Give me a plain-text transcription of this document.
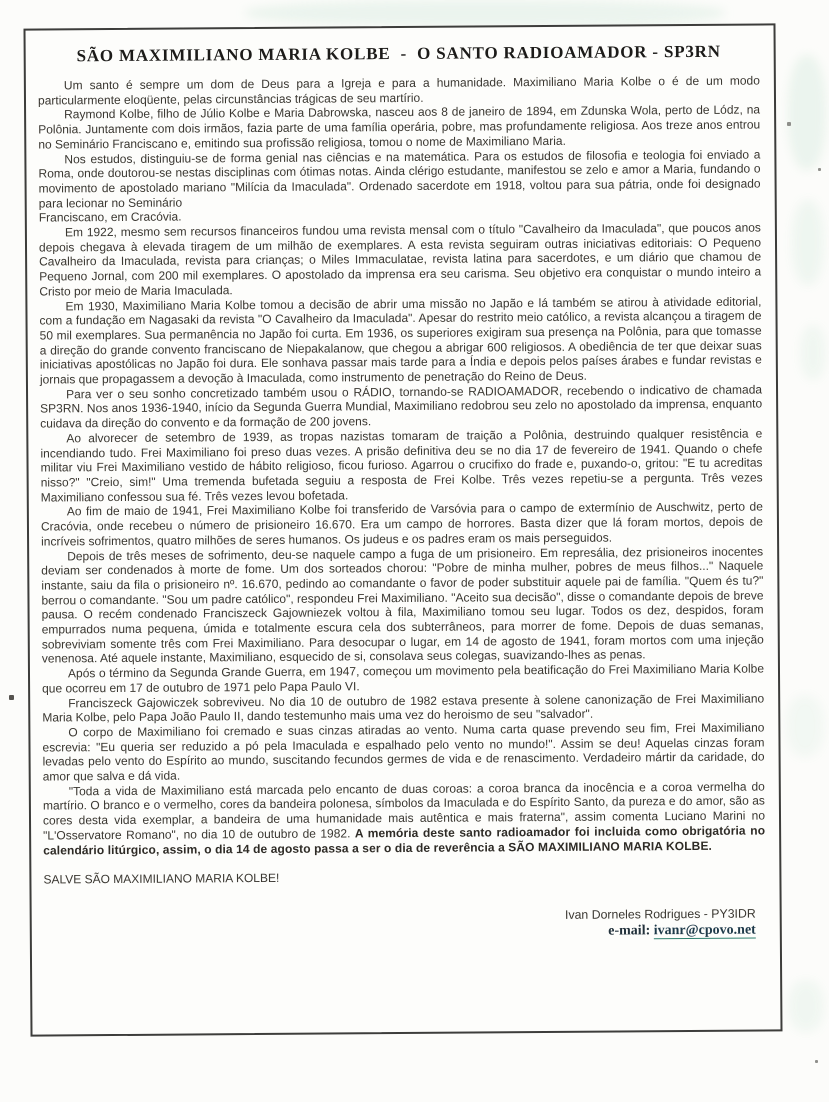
SÃO MAXIMILIANO MARIA KOLBE  -  O SANTO RADIOAMADOR - SP3RN

Um santo é sempre um dom de Deus para a Igreja e para a humanidade. Maximiliano Maria Kolbe o é de um modo particularmente eloqüente, pelas circunstâncias trágicas de seu martírio.

Raymond Kolbe, filho de Júlio Kolbe e Maria Dabrowska, nasceu aos 8 de janeiro de 1894, em Zdunska Wola, perto de Lódz, na Polônia. Juntamente com dois irmãos, fazia parte de uma família operária, pobre, mas profundamente religiosa. Aos treze anos entrou no Seminário Franciscano e, emitindo sua profissão religiosa, tomou o nome de Maximiliano Maria.

Nos estudos, distinguiu-se de forma genial nas ciências e na matemática. Para os estudos de filosofia e teologia foi enviado a Roma, onde doutorou-se nestas disciplinas com ótimas notas. Ainda clérigo estudante, manifestou se zelo e amor a Maria, fundando o movimento de apostolado mariano "Milícia da Imaculada". Ordenado sacerdote em 1918, voltou para sua pátria, onde foi designado para lecionar no Seminário

Franciscano, em Cracóvia.

Em 1922, mesmo sem recursos financeiros fundou uma revista mensal com o título "Cavalheiro da Imaculada", que poucos anos depois chegava à elevada tiragem de um milhão de exemplares. A esta revista seguiram outras iniciativas editoriais: O Pequeno Cavalheiro da Imaculada, revista para crianças; o Miles Immaculatae, revista latina para sacerdotes, e um diário que chamou de Pequeno Jornal, com 200 mil exemplares. O apostolado da imprensa era seu carisma. Seu objetivo era conquistar o mundo inteiro a Cristo por meio de Maria Imaculada.

Em 1930, Maximiliano Maria Kolbe tomou a decisão de abrir uma missão no Japão e lá também se atirou à atividade editorial, com a fundação em Nagasaki da revista "O Cavalheiro da Imaculada". Apesar do restrito meio católico, a revista alcançou a tiragem de 50 mil exemplares. Sua permanência no Japão foi curta. Em 1936, os superiores exigiram sua presença na Polônia, para que tomasse a direção do grande convento franciscano de Niepakalanow, que chegou a abrigar 600 religiosos. A obediência de ter que deixar suas iniciativas apostólicas no Japão foi dura. Ele sonhava passar mais tarde para a Índia e depois pelos países árabes e fundar revistas e jornais que propagassem a devoção à Imaculada, como instrumento de penetração do Reino de Deus.

Para ver o seu sonho concretizado também usou o RÁDIO, tornando-se RADIOAMADOR, recebendo o indicativo de chamada SP3RN. Nos anos 1936-1940, início da Segunda Guerra Mundial, Maximiliano redobrou seu zelo no apostolado da imprensa, enquanto cuidava da direção do convento e da formação de 200 jovens.

Ao alvorecer de setembro de 1939, as tropas nazistas tomaram de traição a Polônia, destruindo qualquer resistência e incendiando tudo. Frei Maximiliano foi preso duas vezes. A prisão definitiva deu se no dia 17 de fevereiro de 1941. Quando o chefe militar viu Frei Maximiliano vestido de hábito religioso, ficou furioso. Agarrou o crucifixo do frade e, puxando-o, gritou: "E tu acreditas nisso?" "Creio, sim!" Uma tremenda bufetada seguiu a resposta de Frei Kolbe. Três vezes repetiu-se a pergunta. Três vezes Maximiliano confessou sua fé. Três vezes levou bofetada.

Ao fim de maio de 1941, Frei Maximiliano Kolbe foi transferido de Varsóvia para o campo de extermínio de Auschwitz, perto de Cracóvia, onde recebeu o número de prisioneiro 16.670. Era um campo de horrores. Basta dizer que lá foram mortos, depois de incríveis sofrimentos, quatro milhões de seres humanos. Os judeus e os padres eram os mais perseguidos.

Depois de três meses de sofrimento, deu-se naquele campo a fuga de um prisioneiro. Em represália, dez prisioneiros inocentes deviam ser condenados à morte de fome. Um dos sorteados chorou: "Pobre de minha mulher, pobres de meus filhos..." Naquele instante, saiu da fila o prisioneiro nº. 16.670, pedindo ao comandante o favor de poder substituir aquele pai de família. "Quem és tu?" berrou o comandante. "Sou um padre católico", respondeu Frei Maximiliano. "Aceito sua decisão", disse o comandante depois de breve pausa. O recém condenado Franciszeck Gajowniezek voltou à fila, Maximiliano tomou seu lugar. Todos os dez, despidos, foram empurrados numa pequena, úmida e totalmente escura cela dos subterrâneos, para morrer de fome. Depois de duas semanas, sobreviviam somente três com Frei Maximiliano. Para desocupar o lugar, em 14 de agosto de 1941, foram mortos com uma injeção venenosa. Até aquele instante, Maximiliano, esquecido de si, consolava seus colegas, suavizando-lhes as penas.

Após o término da Segunda Grande Guerra, em 1947, começou um movimento pela beatificação do Frei Maximiliano Maria Kolbe que ocorreu em 17 de outubro de 1971 pelo Papa Paulo VI.

Franciszeck Gajowiczek sobreviveu. No dia 10 de outubro de 1982 estava presente à solene canonização de Frei Maximiliano Maria Kolbe, pelo Papa João Paulo II, dando testemunho mais uma vez do heroismo de seu "salvador".

O corpo de Maximiliano foi cremado e suas cinzas atiradas ao vento. Numa carta quase prevendo seu fim, Frei Maximiliano escrevia: "Eu queria ser reduzido a pó pela Imaculada e espalhado pelo vento no mundo!". Assim se deu! Aquelas cinzas foram levadas pelo vento do Espírito ao mundo, suscitando fecundos germes de vida e de renascimento. Verdadeiro mártir da caridade, do amor que salva e dá vida.

"Toda a vida de Maximiliano está marcada pelo encanto de duas coroas: a coroa branca da inocência e a coroa vermelha do martírio. O branco e o vermelho, cores da bandeira polonesa, símbolos da Imaculada e do Espírito Santo, da pureza e do amor, são as cores desta vida exemplar, a bandeira de uma humanidade mais autêntica e mais fraterna", assim comenta Luciano Marini no "L'Osservatore Romano", no dia 10 de outubro de 1982. A memória deste santo radioamador foi incluida como obrigatória no calendário litúrgico, assim, o dia 14 de agosto passa a ser o dia de reverência a SÃO MAXIMILIANO MARIA KOLBE.

SALVE SÃO MAXIMILIANO MARIA KOLBE!

Ivan Dorneles Rodrigues - PY3IDR
e-mail: ivanr@cpovo.net
